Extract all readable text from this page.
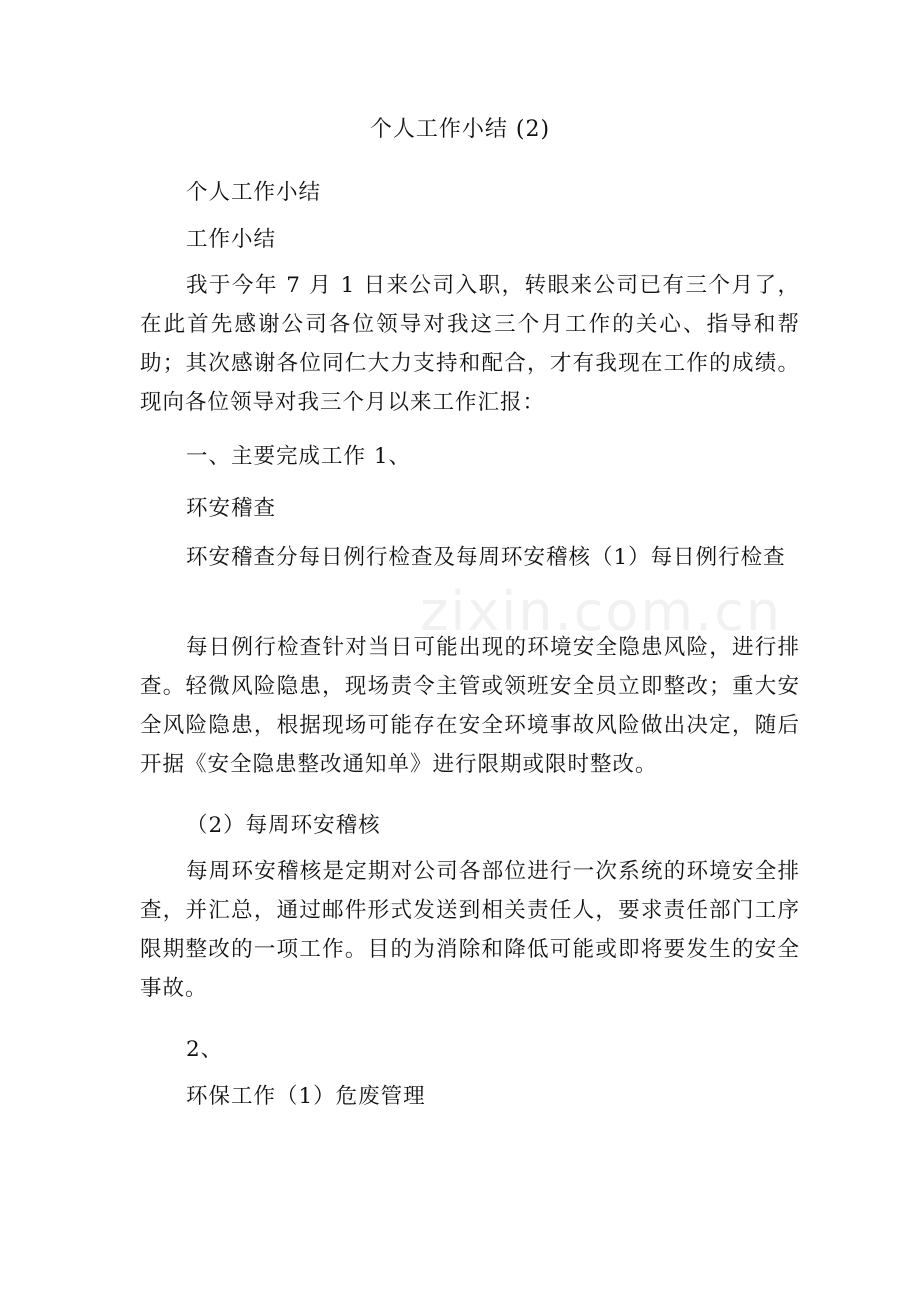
个人工作小结 (2)

个人工作小结

工作小结

我于今年 7 月 1 日来公司入职，转眼来公司已有三个月了，在此首先感谢公司各位领导对我这三个月工作的关心、指导和帮助；其次感谢各位同仁大力支持和配合，才有我现在工作的成绩。现向各位领导对我三个月以来工作汇报：

一、主要完成工作 1、

环安稽查

环安稽查分每日例行检查及每周环安稽核（1）每日例行检查

每日例行检查针对当日可能出现的环境安全隐患风险，进行排查。轻微风险隐患，现场责令主管或领班安全员立即整改；重大安全风险隐患，根据现场可能存在安全环境事故风险做出决定，随后开据《安全隐患整改通知单》进行限期或限时整改。

（2）每周环安稽核

每周环安稽核是定期对公司各部位进行一次系统的环境安全排查，并汇总，通过邮件形式发送到相关责任人，要求责任部门工序限期整改的一项工作。目的为消除和降低可能或即将要发生的安全事故。

2、

环保工作（1）危废管理

zixin.com.cn
